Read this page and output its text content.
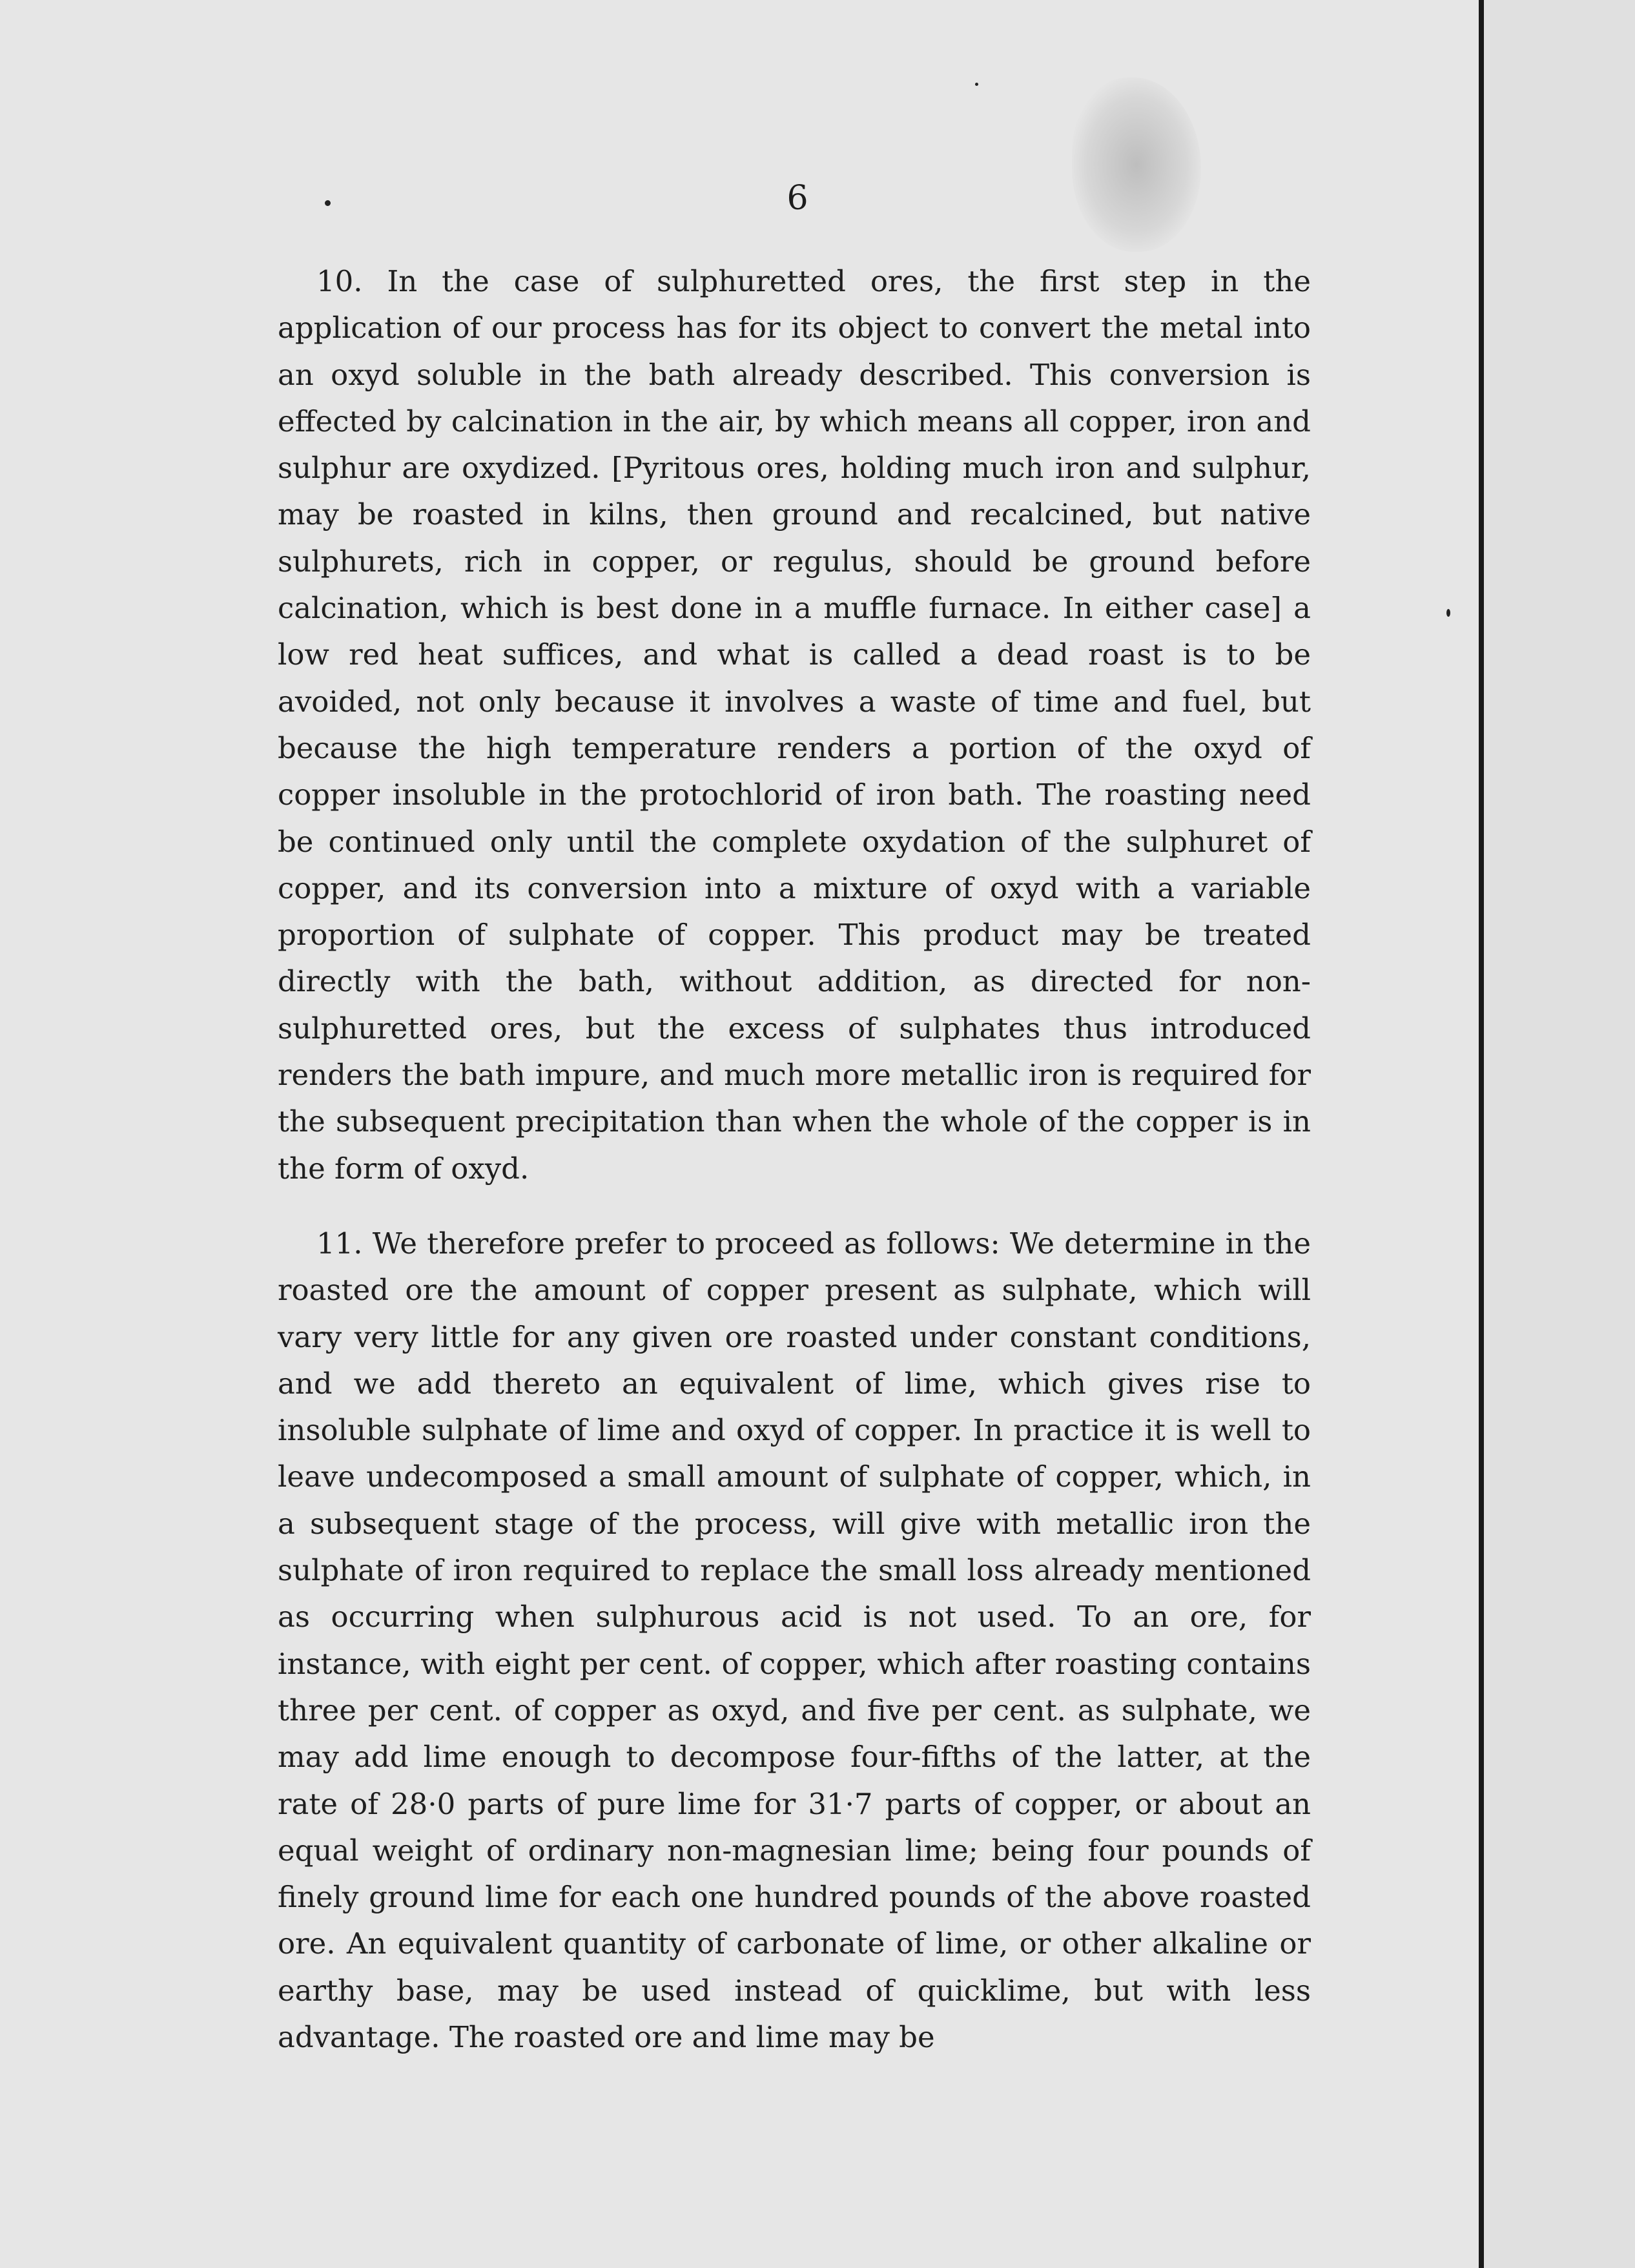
6

10. In the case of sulphuretted ores, the first step in the application of our process has for its object to convert the metal into an oxyd soluble in the bath already described. This conversion is effected by calcination in the air, by which means all copper, iron and sulphur are oxydized. [Pyritous ores, holding much iron and sulphur, may be roasted in kilns, then ground and recalcined, but native sulphurets, rich in copper, or regulus, should be ground before calcination, which is best done in a muffle furnace. In either case] a low red heat suffices, and what is called a dead roast is to be avoided, not only because it involves a waste of time and fuel, but because the high temperature renders a portion of the oxyd of copper insoluble in the protochlorid of iron bath. The roasting need be continued only until the complete oxydation of the sulphuret of copper, and its conversion into a mixture of oxyd with a variable proportion of sulphate of copper. This product may be treated directly with the bath, without addition, as directed for non-sulphuretted ores, but the excess of sulphates thus introduced renders the bath impure, and much more metallic iron is required for the subsequent precipitation than when the whole of the copper is in the form of oxyd.

11. We therefore prefer to proceed as follows: We determine in the roasted ore the amount of copper present as sulphate, which will vary very little for any given ore roasted under constant conditions, and we add thereto an equivalent of lime, which gives rise to insoluble sulphate of lime and oxyd of copper. In practice it is well to leave undecomposed a small amount of sulphate of copper, which, in a subsequent stage of the process, will give with metallic iron the sulphate of iron required to replace the small loss already mentioned as occurring when sulphurous acid is not used. To an ore, for instance, with eight per cent. of copper, which after roasting contains three per cent. of copper as oxyd, and five per cent. as sulphate, we may add lime enough to decompose four-fifths of the latter, at the rate of 28·0 parts of pure lime for 31·7 parts of copper, or about an equal weight of ordinary non-magnesian lime; being four pounds of finely ground lime for each one hundred pounds of the above roasted ore. An equivalent quantity of carbonate of lime, or other alkaline or earthy base, may be used instead of quicklime, but with less advantage. The roasted ore and lime may be
